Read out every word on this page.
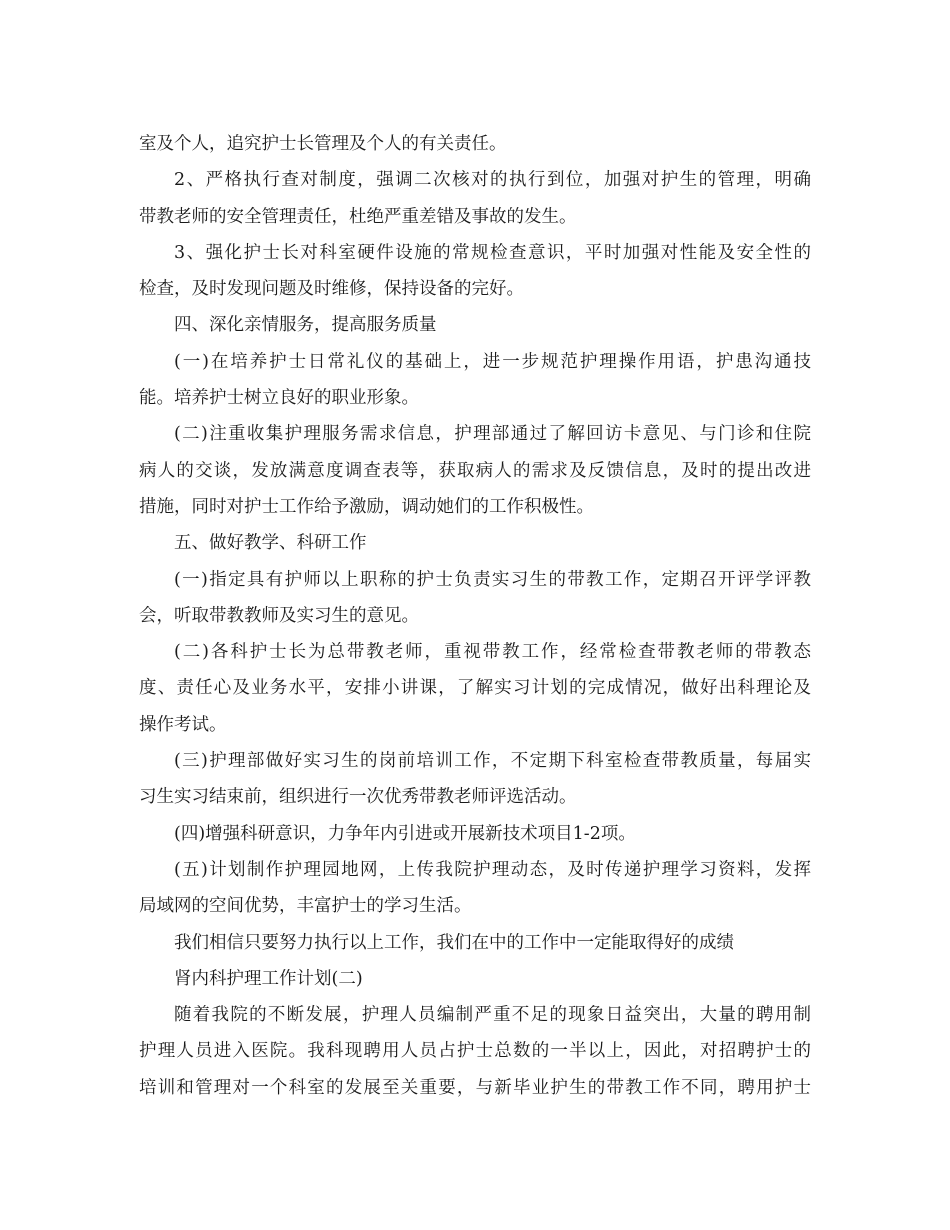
室及个人，追究护士长管理及个人的有关责任。
2、严格执行查对制度，强调二次核对的执行到位，加强对护生的管理，明确
带教老师的安全管理责任，杜绝严重差错及事故的发生。
3、强化护士长对科室硬件设施的常规检查意识，平时加强对性能及安全性的
检查，及时发现问题及时维修，保持设备的完好。
四、深化亲情服务，提高服务质量
(一)在培养护士日常礼仪的基础上，进一步规范护理操作用语，护患沟通技
能。培养护士树立良好的职业形象。
(二)注重收集护理服务需求信息，护理部通过了解回访卡意见、与门诊和住院
病人的交谈，发放满意度调查表等，获取病人的需求及反馈信息，及时的提出改进
措施，同时对护士工作给予激励，调动她们的工作积极性。
五、做好教学、科研工作
(一)指定具有护师以上职称的护士负责实习生的带教工作，定期召开评学评教
会，听取带教教师及实习生的意见。
(二)各科护士长为总带教老师，重视带教工作，经常检查带教老师的带教态
度、责任心及业务水平，安排小讲课，了解实习计划的完成情况，做好出科理论及
操作考试。
(三)护理部做好实习生的岗前培训工作，不定期下科室检查带教质量，每届实
习生实习结束前，组织进行一次优秀带教老师评选活动。
(四)增强科研意识，力争年内引进或开展新技术项目1-2项。
(五)计划制作护理园地网，上传我院护理动态，及时传递护理学习资料，发挥
局域网的空间优势，丰富护士的学习生活。
我们相信只要努力执行以上工作，我们在中的工作中一定能取得好的成绩
肾内科护理工作计划(二)
随着我院的不断发展，护理人员编制严重不足的现象日益突出，大量的聘用制
护理人员进入医院。我科现聘用人员占护士总数的一半以上，因此，对招聘护士的
培训和管理对一个科室的发展至关重要，与新毕业护生的带教工作不同，聘用护士
